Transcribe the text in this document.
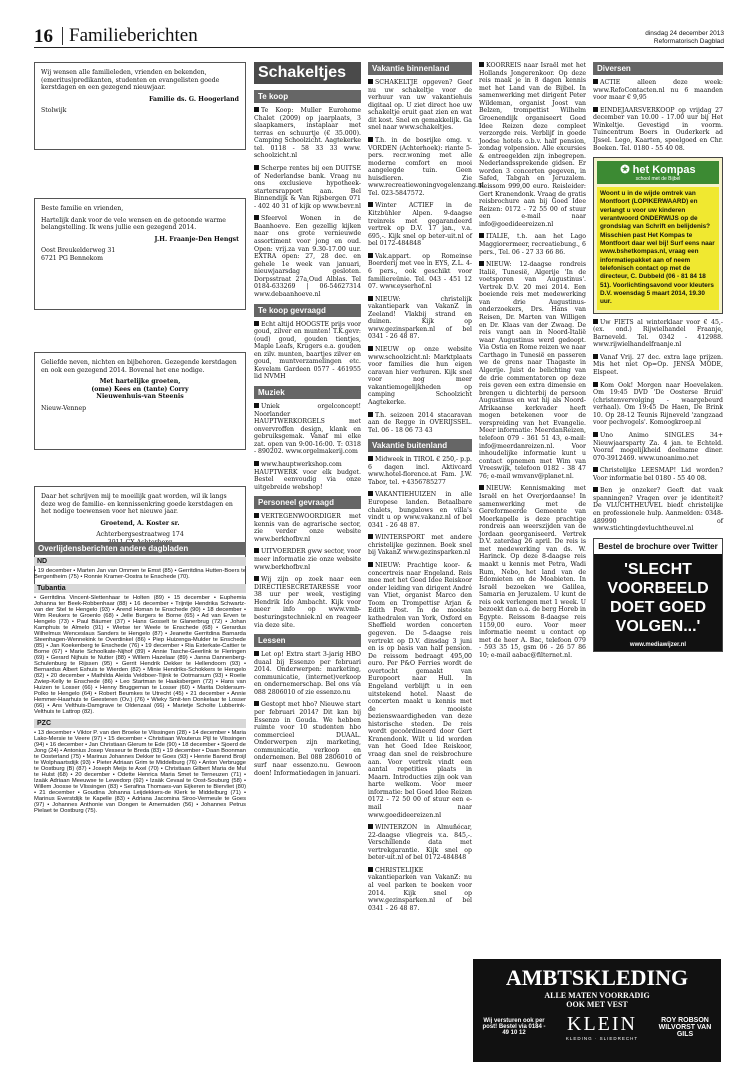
16 Familieberichten	dinsdag 24 december 2013
Reformatorisch Dagblad

Wij wensen alle familieleden, vrienden en bekenden, (emeritus)predikanten, studenten en evangelisten goede kerstdagen en een gezegend nieuwjaar.

Familie ds. G. Hoogerland

Stolwijk

Beste familie en vrienden,

Hartelijk dank voor de vele wensen en de getoonde warme belangstelling. Ik wens jullie een gezegend 2014.

J.H. Fraanje-Den Hengst

Oost Breukelderweg 31
6721 PG Bennekom

Geliefde neven, nichten en bijbehoren. Gezegende kerstdagen en ook een gezegend 2014. Bovenal het ene nodige.

Met hartelijke groeten,
(ome) Kees en (tante) Corry
Nieuwenhuis-van Steenis

Nieuw-Vennep

Daar het schrijven mij te moeilijk gaat worden, wil ik langs deze weg de familie- en kennissenkring goede kerstdagen en het nodige toewensen voor het nieuwe jaar.

Groetend, A. Koster sr.

Achterbergsestraatweg 174

Overlijdensberichten andere dagbladen
ND
• 19 december • Marten Jan van Ommen te Emst (85) • Gerritdina Hutten-Boers te Bergentheim (75) • Ronnie Kramer-Oostra te Enschede (70).
Tubantia
• Gerritdina Vincent-Slettenhaar te Holten (89) • 15 december • Euphemia Johanna ter Beek-Robbenhaar (88) • 16 december • Trijntje Hendrika Schwartz-van der Stel te Hengelo (93) • Arend Homan te Enschede (90) • 18 december • Wim Reukers te Groenlo (68) • Jelle Burgers te Borne (65) • Ad van Erven te Hengelo (73) • Paul Bäumer (37) • Hans Gosselt te Glanerbrug (72) • Johan Kamphuis te Almelo (91) • Wietse ter Weele te Enschede (68) • Gerardus Wilhelmus Wenceslaus Sanders te Hengelo (87) • Jeanette Gerritdina Barnarda Steenhagen-Wennekink te Overdinkel (86) • Piep Huizenga-Mulder te Enschede (85) • Jan Koekenberg te Enschede (76) • 19 december • Ria Exterkate-Cattier te Borne (67) • Marie Schoolkate-Nijhof (89) • Annie Tasche-Geerlink te Fleringen (69) • Gerard Nijhuis te Nutter (88) • Willem Hazelaar (89) • Janna Dannenberg-Schulenburg te Rijssen (95) • Gerrit Hendrik Dekker te Hellendoorn (93) • Bernardus Albert Eshuis te Wierden (82) • Minie Hendriks-Schokkers te Hengelo (82) • 20 december • Mathilda Aleida Veldboer-Tijink te Ootmarsum (93) • Roelie Zwiep-Kelly te Enschede (86) • Leo Startman te Haaksbergen (72) • Hans van Huizen te Losser (66) • Henny Bruggeman te Losser (60) • Marita Doldersum-Polko te Hengelo (64) • Robert Beumkes te Utrecht (45) • 21 december • Annie Hemmer-Haarhuis te Geesteren (Ov.) (76) • Wieky Smit-ten Donkelaar te Losser (66) • Ans Velthuis-Damgrave te Oldenzaal (66) • Marietje Scholte Lubberink-Velthuis te Lattrop (82).
PZC
• 13 december • Viktor P. van den Broeke te Vlissingen (28) • 14 december • Maria Lako-Mersie te Veere (97) • 15 december • Christiaan Wouterus Pijl te Vlissingen (94) • 16 december • Jan Christiaan Glerum te Ede (90) • 18 december • Sjoerd de Jong (24) • Antonius Josep Vesseur te Breda (83) • 19 december • Daan Boonman te Oosterland (75) • Marinus Johannes Dekker te Goes (93) • Henrie Barend Broijl te Wolphaartsdijk (93) • Pieter Adriaan Grim te Middelburg (76) • Anton Verbrugge te Oostburg (B) (87) • Joseph Meijs te Axel (70) • Christiaan Gilbert Maria de Mul te Hulst (68) • 20 december • Odette Henrica Maria Smet te Terneuzen (71) • Izaäk Adriaan Meeuwse te Lewedorp (92) • Izaäk Cevaal te Oost-Souburg (58) • Willem Joosse te Vlissingen (83) • Serafina Thomaes-van Eijkeren te Biervliet (80) • 21 december • Goudina Johanna Leijdekkers-de Klerk te Middelburg (71) • Marinus Everstdijk te Kapelle (83) • Adriana Jacomina Siroo-Vermeule te Goes (97) • Johannes Anthonie van Dongen te Arnemuiden (56) • Johannes Petrus Pielaet te Oostburg (75).
Schakeltjes
Te koop

Te Koop: Muller Eurohome Chalet (2009) op jaarplaats, 3 slaapkamers, instaplaar met terras en schuurtje (€ 35.000). Camping Schoolzicht. Aagtekerke tel. 0118 - 58 33 33 www. schoolzicht.nl

Scherpe rentes bij een DUITSE of Nederlandse bank. Vraag nu ons exclusieve hypotheek-startersrapport aan. Bel Binnendijk & Van Rijsbergen 071 - 402 40 31 of kijk op www.bevr.nl

Sfeervol Wonen in de Baanhoeve. Een gezellig kijken naar ons grote vernieuwde assortiment voor jong en oud. Open: vrij.za van 9.30-17.00 uur. EXTRA open: 27, 28 dec. en gehele 1e week van januari, nieuwjaarsdag gesloten. Dorpsstraat 27a,Oud Alblas. Tel 0184-633269 | 06-54627314 www.debaanhoeve.nl

Te koop gevraagd

Echt altijd HOOGSTE prijs voor goud, zilver en munten! T.K.gevr: (oud) goud, gouden tientjes, Maple Leafs, Krugers e.a. gouden en zilv. munten, baartjes zilver en goud, muntverzamelingen etc. Kevelam Gardeen 0577 - 461955 lid NVMH

Muziek

Uniek orgelconcept! Noorlander HAUPTWERKORGELS met onvervroffen design, klank en gebruiksgemak. Vanaf mi elke zat. open van 9:00-16:00. T: 0318 - 890202. www.orgelmakerij.com

www.hauptwerkshop.com HAUPTWERK voor elk budget. Bestel eenvoudig via onze uitgebreide webshop!

Personeel gevraagd

VERTEGENWOORDIGER met kennis van de agrarische sector, zie verder onze website www.berkhofbv.nl

UITVOERDER gww sector, voor meer informatie zie onze website www.berkhofbv.nl

Wij zijn op zoek naar een DIRECTIESECRETARESSE voor 38 uur per week, vestiging Hendrik Ido Ambacht. Kijk voor meer info op www.vmb-besturingstechniek.nl en reageer via deze site.

Lessen

Let op! Extra start 3-jarig HBO duaal bij Essenzo per februari 2014. Onderwerpen: marketing, communicatie, (internet)verkoop en ondernemerschap. Bel ons via 088 2806010 of zie essenzo.nu

Gestopt met hbo? Nieuwe start per februari 2014? Dit kan bij Essenzo in Gouda. We hebben ruimte voor 10 studenten hbo commercieel DUAAL. Onderwerpen zijn marketing, communicatie, verkoop en ondernemen. Bel 088 2806010 of surf naar essenzo.nu. Gewoon doen! Informatiedagen in januari.

Vakantie binnenland

SCHAKELTJE opgeven? Geef nu uw schakeltje voor de verhuur van uw vakantiehuis digitaal op. U ziet direct hoe uw schakeltje eruit gaat zien en wat dit kost. Snel en gemakkelijk. Ga snel naar www.schakeltjes.

T.h. in de bosrijke omg. v. VORDEN (Achterhoek): riante 5-pers. recr.woning met alle moderne comfort en mooi aangelegde tuin. Geen huisdieren. Zie www.recreatiewoningvogelenzang.nl Tel. 023-5847572.

Winter ACTIEF in de Kitzbühler Alpen. 9-daagse treinreis met gegarandeerd vertrek op D.V. 17 jan., v.a. 695,-. Kijk snel op beter-uit.nl of bel 0172-484848

Vak.appart. op Romeinse Boerderij met vee in EYS, Z.L. 4-6 pers., ook geschikt voor familiereünie. Tel. 043 - 451 12 07. www.eyserhof.nl

NIEUW: christelijk vakantiepark van VakanZ in Zeeland! Vlakbij strand en duinen. Kijk op www.gezinsparken.nl of bel 0341 - 26 48 87.

NIEUW op onze website www.schoolzicht.nl: Marktplaats voor families die hun eigen caravan hier verhuren. Kijk snel voor nog meer vakantiemogelijkheden op camping Schoolzicht Aagtekerke.

T.h. seizoen 2014 stacaravan aan de Regge in OVERIJSSEL. Tel. 06 - 18 06 73 43

Vakantie buitenland

Midweek in TIROL € 250,- p.p. 6 dagen incl. Aktivcard www.hotel-florence.at Fam. J.W. Tabor, tel. +4356785277

VAKANTIEHUIZEN in alle Europese landen. Betaalbare chalets, bungalows en villa's vindt u op www.vakanz.nl of bel 0341 - 26 48 87.

WINTERSPORT met andere christelijke gezinnen. Boek snel bij VakanZ www.gezinsparken.nl

NIEUW: Prachtige koor- & concertreis naar Engeland. Reis mee met het Goed Idee Reiskoor onder leiding van dirigent André van Vliet, organist Marco den Toom en Trompettisr Arjan & Edith Post. In de mooiste kathedralen van York, Oxford en Sheffield worden concerten gegeven. De 5-daagse reis vertrekt op D.V. dinsdag 3 juni en is op basis van half pension. De reissom bedraagt 495,00 euro. Per P&O Ferries wordt de overtocht gemaakt van Europoort naar Hull. In Engeland verblijft u in een uitstekend hotel. Naast de concerten maakt u kennis met de mooiste bezienswaardigheden van deze historische steden. De reis wordt gecoördineerd door Gert Kranendonk. Wilt u lid worden van het Goed Idee Reiskoor, vraag dan snel de reisbrochure aan. Voor vertrek vindt een aantal repetities plaats in Maarn. Introducties zijn ook van harte welkom. Voor meer informatie: bel Goed Idee Reizen 0172 - 72 50 00 of stuur een e-mail naar www.goedideereizen.nl

WINTERZON in Almuñécar, 22-daagse vliegreis v.a. 845,-. Verschillende data met vertrekgarantie. Kijk snel op beter-uit.nl of bel 0172-484848

CHRISTELIJKE vakantieparken van VakanZ: nu al veel parken te boeken voor 2014. Kijk snel op www.gezinsparken.nl of bel 0341 - 26 48 87.

KOORREIS naar Israël met het Hollands Jongerenkoor. Op deze reis maak je in 8 dagen kennis met het Land van de Bijbel. In samenwerking met dirigent Peter Wildeman, organist Joost van Belzen, trompettist Wilhelm Groenendijk organiseert Goed Idee Reizen deze compleet verzorgde reis. Verblijf in goede Joodse hotels o.b.v. half pension, zondag volpension. Alle excursies & entreegelden zijn inbegrepen. Nederlandssprekende gidsen. Er worden 3 concerten gegeven, in Safed, Tabgah en Jeruzalem. Reissom 999,00 euro. Reisleider: Gert Kranendonk. Vraag de gratis reisbrochure aan bij Goed Idee Reizen: 0172 - 72 55 00 of stuur een e-mail naar info@goedideereizen.nl

ITALIE, t.h. aan het Lago Maggiorermeer, recreatiebung., 6 pers., Tel. 06 - 27 33 66 86.

NIEUW: 12-daagse rondreis Italië, Tunesië, Algerije 'In de voetsporen van Augustinus'. Vertrek D.V. 20 mei 2014. Een boeiende reis met medewerking van drie Augustinus-onderzoekers, Drs. Hans van Reisen, Dr. Marten van Willigen en Dr. Klaas van der Zwaag. De reis vangt aan in Noord-Italië waar Augustinus werd gedoopt. Via Ostia en Rome reizen we naar Carthago in Tunesië en passeren we de grens naar Thagaste in Algerije. Juist de belichting van de drie commentatoren op deze reis geven een extra dimensie en brengen u dichterbij de persoon Augustinus en wat hij als Noord-Afrikaanse kerkvader heeft mogen betekenen voor de verspreiding van het Evangelie. Meer informatie: MeerdanReizen, telefoon 079 - 361 51 43, e-mail: info@meerdanreizen.nl. Voor inhoudelijke informatie kunt u contact opnemen met Wim van Vreeswijk, telefoon 0182 - 38 47 76; e-mail wmvanv@planet.nl.

NIEUW: Kennismaking met Israël en het Overjordaanse! In samenwerking met de Gereformeerde Gemeente van Moerkapelle is deze prachtige rondreis aan weerszijden van de Jordaan georganiseerd. Vertrek D.V. zaterdag 26 april. De reis is met medewerking van ds. W. Harinck. Op deze 8-daagse reis maakt u kennis met Petra, Wadi Rum, Nebo, het land van de Edomieten en de Moabieten. In Israël bezoeken we Galilea, Samaria en Jeruzalem. U kunt de reis ook verlengen met 1 week. U bezoekt dan o.a. de berg Horeb in Egypte. Reissom 8-daagse reis 1159,00 euro. Voor meer informatie neemt u contact op met de heer A. Bac, telefoon 079 - 593 35 15, gsm 06 - 26 57 86 10; e-mail aabac@filternet.nl.

Diversen

ACTIE alleen deze week: www.RefoContacten.nl nu 6 maanden voor maar € 9,95

EINDEJAARSVERKOOP op vrijdag 27 december van 10.00 - 17.00 uur bij Het Winkeltje. Gevestigd in voorm. Tuincentrum Boers in Ouderkerk ad IJssel. Lego, Kaarten, speelgoed en Chr. Boeken. Tel. 0180 - 55 40 08.

✪ het Kompas
school met de Bijbel
Woont u in de wijde omtrek van Montfoort (LOPIKERWAARD) en verlangt u voor uw kinderen verantwoord ONDERWIJS op de grondslag van Schrift en belijdenis? Misschien past Het Kompas te Montfoort daar wel bij! Surf eens naar www.bshetkompas.nl, vraag een informatiepakket aan of neem telefonisch contact op met de directeur, C. Dubbeld (06 - 81 84 18 51). Voorlichtingsavond voor kleuters D.V. woensdag 5 maart 2014, 19.30 uur.

Uw FIETS al winterklaar voor € 45,- (ex. ond.) Rijwielhandel Fraanje, Barneveld. Tel. 0342 - 412988. www.rijwielhandelfraanje.nl

Vanaf Vrij. 27 dec. extra lage prijzen. Mis het niet Op=Op. JENSA MODE, Elspeet.

Kom Ook! Morgen naar Hoevelaken. Om 19:45 DVD 'De Oosterse Bruid' (christenvervolging - waargebeurd verhaal). Om 19:45 De Haen, De Brink 10. Op 28-12 Teunis Rijneveld 'zangzaad voor pechvogels'. Komoogkroep.nl

Uno Animo SINGLES 34+ Nieuwjaarsparty Za. 4 jan. te Echteld. Vooraf mogelijkheid deelname diner. 070-3912469. www.unoanimo.net

Christelijke LEESMAP! Lid worden? Voor informatie bel 0180 - 55 40 08.

Ben je onzeker? Geeft dat vaak spanningen? Vragen over je identiteit? De VLUCHTHEUVEL biedt christelijke en professionele hulp. Aanmelden: 0348-489990 of www.stichtingdevluchtheuvel.nl

Bestel de brochure over Twitter
'SLECHT VOORBEELD DOET GOED VOLGEN...'
www.mediawijzer.nl
AMBTSKLEDING
ALLE MATEN VOORRADIG
OOK MET VEST
Wij versturen ook per post! Bestel via 0184 - 49 10 12	KLEIN
KLEDING · SLIEDRECHT
ROY ROBSON WILVORST VAN GILS
